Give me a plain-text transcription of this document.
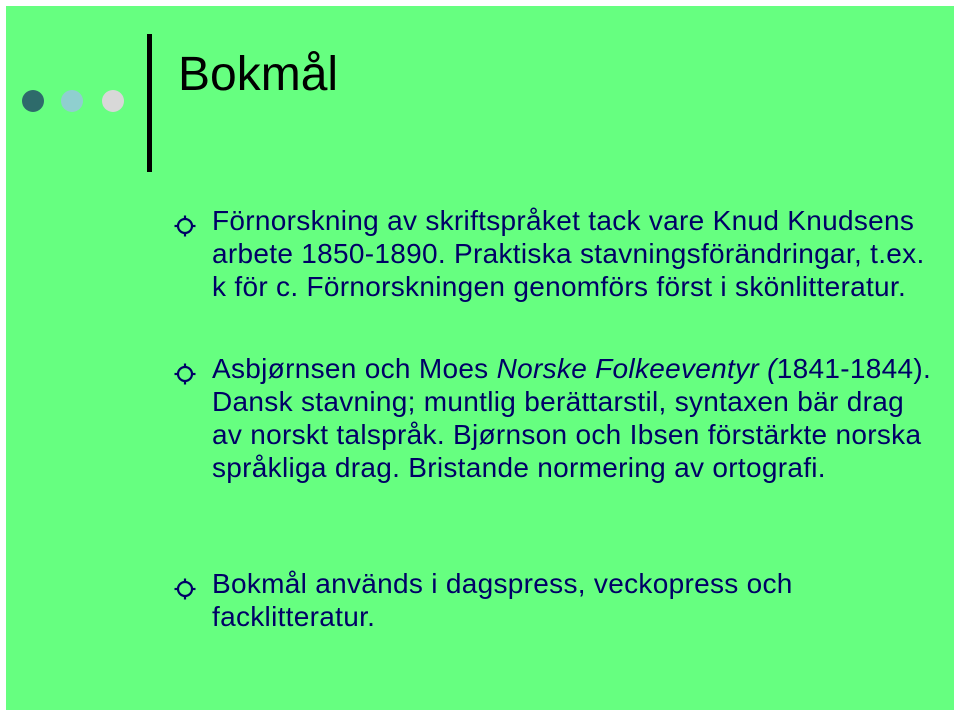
Bokmål
Förnorskning av skriftspråket tack vare Knud Knudsens arbete 1850-1890. Praktiska stavningsförändringar, t.ex. k för c. Förnorskningen genomförs först i skönlitteratur.
Asbjørnsen och Moes Norske Folkeeventyr (1841-1844). Dansk stavning; muntlig berättarstil, syntaxen bär drag av norskt talspråk. Bjørnson och Ibsen förstärkte norska språkliga drag. Bristande normering av ortografi.
Bokmål används i dagspress, veckopress och facklitteratur.
